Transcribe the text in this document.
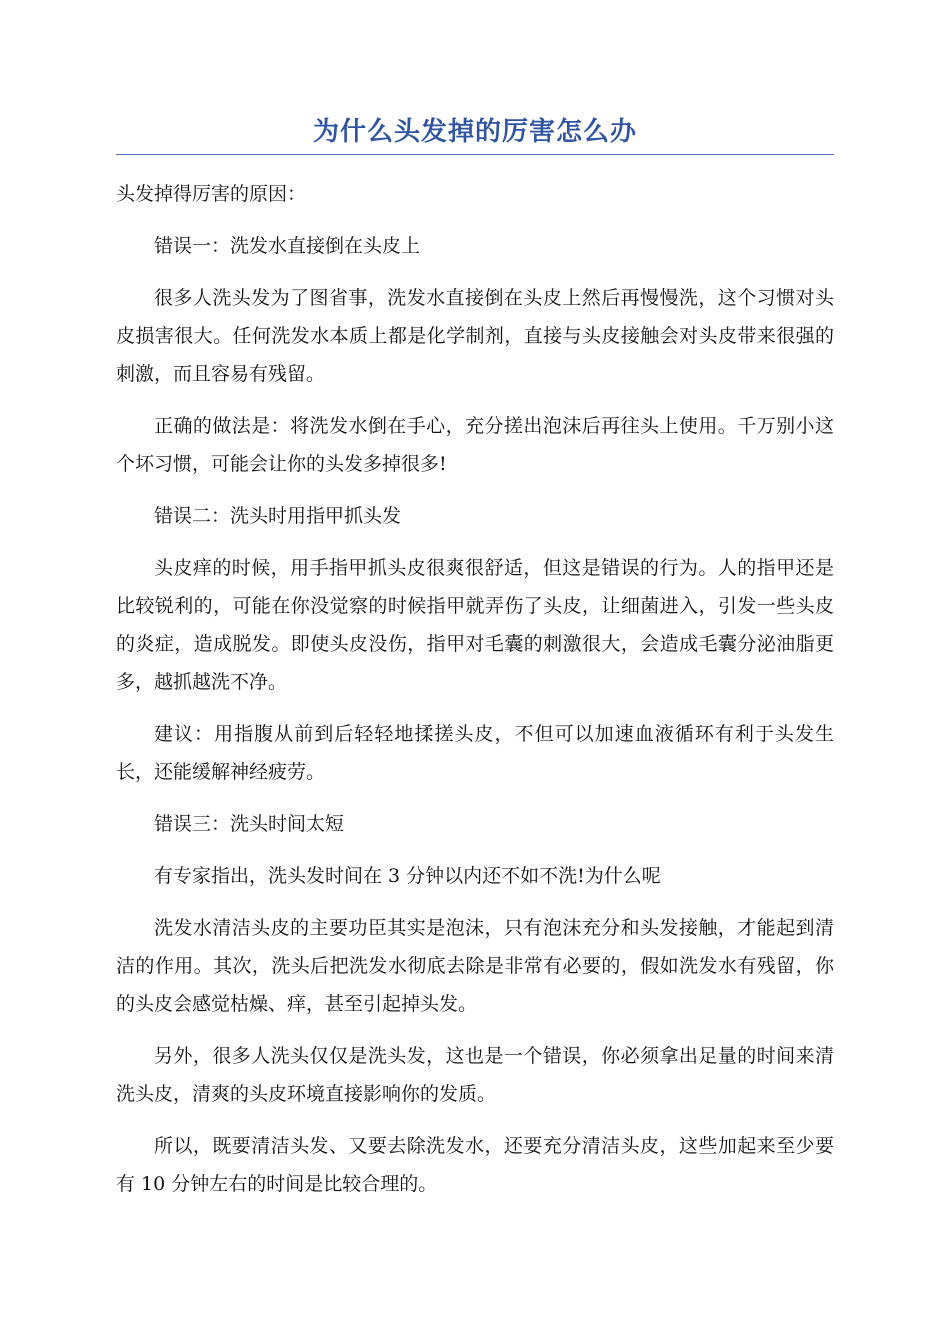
为什么头发掉的厉害怎么办

头发掉得厉害的原因：

错误一：洗发水直接倒在头皮上

很多人洗头发为了图省事，洗发水直接倒在头皮上然后再慢慢洗，这个习惯对头皮损害很大。任何洗发水本质上都是化学制剂，直接与头皮接触会对头皮带来很强的刺激，而且容易有残留。

正确的做法是：将洗发水倒在手心，充分搓出泡沫后再往头上使用。千万别小这个坏习惯，可能会让你的头发多掉很多!

错误二：洗头时用指甲抓头发

头皮痒的时候，用手指甲抓头皮很爽很舒适，但这是错误的行为。人的指甲还是比较锐利的，可能在你没觉察的时候指甲就弄伤了头皮，让细菌进入，引发一些头皮的炎症，造成脱发。即使头皮没伤，指甲对毛囊的刺激很大，会造成毛囊分泌油脂更多，越抓越洗不净。

建议：用指腹从前到后轻轻地揉搓头皮，不但可以加速血液循环有利于头发生长，还能缓解神经疲劳。

错误三：洗头时间太短

有专家指出，洗头发时间在 3 分钟以内还不如不洗!为什么呢

洗发水清洁头皮的主要功臣其实是泡沫，只有泡沫充分和头发接触，才能起到清洁的作用。其次，洗头后把洗发水彻底去除是非常有必要的，假如洗发水有残留，你的头皮会感觉枯燥、痒，甚至引起掉头发。

另外，很多人洗头仅仅是洗头发，这也是一个错误，你必须拿出足量的时间来清洗头皮，清爽的头皮环境直接影响你的发质。

所以，既要清洁头发、又要去除洗发水，还要充分清洁头皮，这些加起来至少要有 10 分钟左右的时间是比较合理的。
